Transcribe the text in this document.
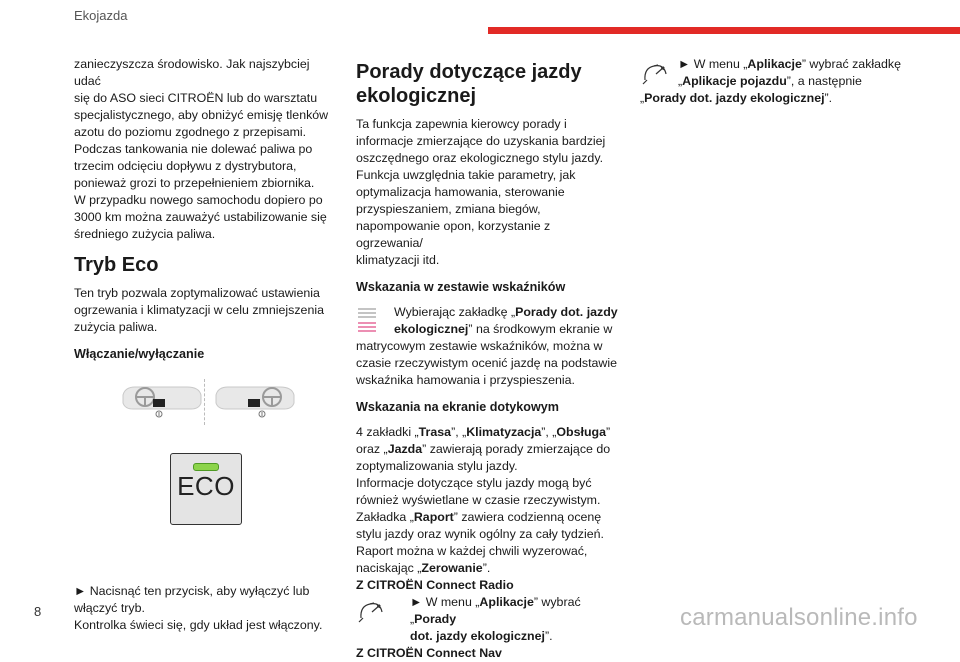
Ekojazda

zanieczyszcza środowisko. Jak najszybciej udać

się do ASO sieci CITROËN lub do warsztatu

specjalistycznego, aby obniżyć emisję tlenków

azotu do poziomu zgodnego z przepisami.

Podczas tankowania nie dolewać paliwa po

trzecim odcięciu dopływu z dystrybutora,

ponieważ grozi to przepełnieniem zbiornika.

W przypadku nowego samochodu dopiero po

3000 km można zauważyć ustabilizowanie się

średniego zużycia paliwa.

Tryb Eco

Ten tryb pozwala zoptymalizować ustawienia

ogrzewania i klimatyzacji w celu zmniejszenia

zużycia paliwa.

Włączanie/wyłączanie
ECO

► Nacisnąć ten przycisk, aby wyłączyć lub

włączyć tryb.

Kontrolka świeci się, gdy układ jest włączony.

Porady dotyczące jazdy
ekologicznej

Ta funkcja zapewnia kierowcy porady i

informacje zmierzające do uzyskania bardziej

oszczędnego oraz ekologicznego stylu jazdy.

Funkcja uwzględnia takie parametry, jak

optymalizacja hamowania, sterowanie

przyspieszaniem, zmiana biegów,

napompowanie opon, korzystanie z ogrzewania/

klimatyzacji itd.

Wskazania w zestawie wskaźników

Wybierając zakładkę „Porady dot. jazdy

ekologicznej” na środkowym ekranie w

matrycowym zestawie wskaźników, można w

czasie rzeczywistym ocenić jazdę na podstawie

wskaźnika hamowania i przyspieszenia.

Wskazania na ekranie dotykowym

4 zakładki „Trasa”, „Klimatyzacja”, „Obsługa”

oraz „Jazda” zawierają porady zmierzające do

zoptymalizowania stylu jazdy.

Informacje dotyczące stylu jazdy mogą być

również wyświetlane w czasie rzeczywistym.

Zakładka „Raport” zawiera codzienną ocenę

stylu jazdy oraz wynik ogólny za cały tydzień.

Raport można w każdej chwili wyzerować,

naciskając „Zerowanie”.

Z CITROËN Connect Radio

► W menu „Aplikacje” wybrać „Porady

dot. jazdy ekologicznej”.

Z CITROËN Connect Nav

► W menu „Aplikacje” wybrać zakładkę

„Aplikacje pojazdu”, a następnie

„Porady dot. jazdy ekologicznej”.

8	carmanualsonline.info
